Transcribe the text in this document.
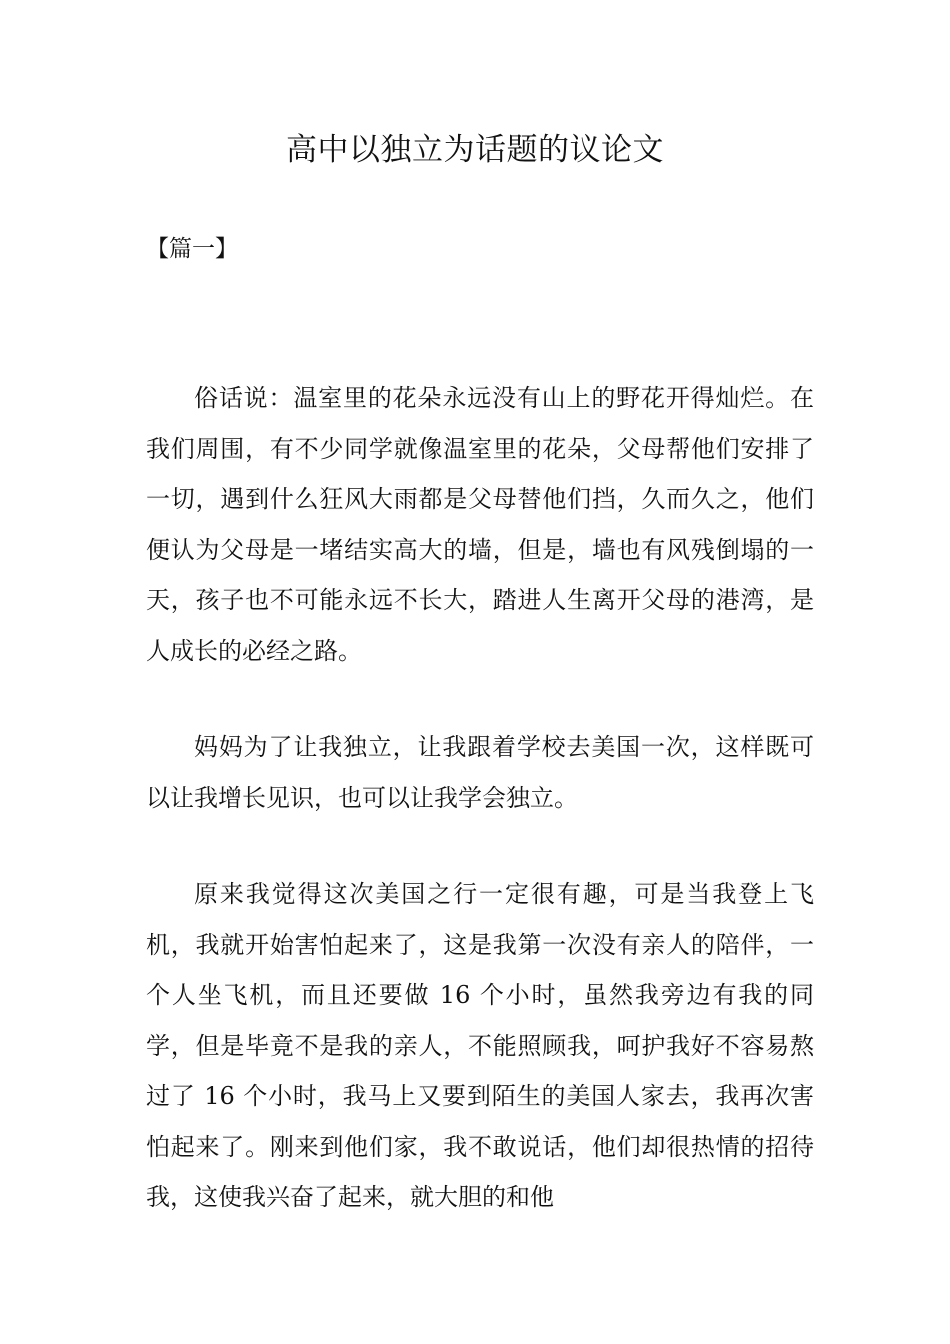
高中以独立为话题的议论文

【篇一】

俗话说：温室里的花朵永远没有山上的野花开得灿烂。在我们周围，有不少同学就像温室里的花朵，父母帮他们安排了一切，遇到什么狂风大雨都是父母替他们挡，久而久之，他们便认为父母是一堵结实高大的墙，但是，墙也有风残倒塌的一天，孩子也不可能永远不长大，踏进人生离开父母的港湾，是人成长的必经之路。

妈妈为了让我独立，让我跟着学校去美国一次，这样既可以让我增长见识，也可以让我学会独立。

原来我觉得这次美国之行一定很有趣，可是当我登上飞机，我就开始害怕起来了，这是我第一次没有亲人的陪伴，一个人坐飞机，而且还要做 16 个小时，虽然我旁边有我的同学，但是毕竟不是我的亲人，不能照顾我，呵护我好不容易熬过了 16 个小时，我马上又要到陌生的美国人家去，我再次害怕起来了。刚来到他们家，我不敢说话，他们却很热情的招待我，这使我兴奋了起来，就大胆的和他
